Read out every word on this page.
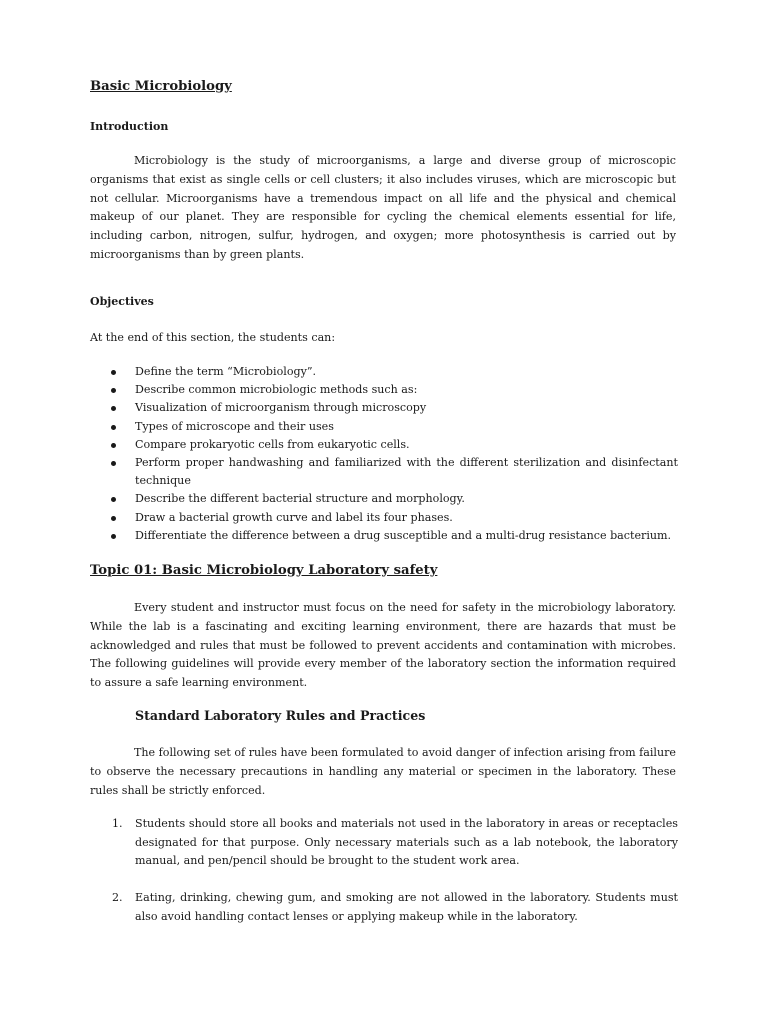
Basic Microbiology
Introduction

Microbiology is the study of microorganisms, a large and diverse group of microscopic organisms that exist as single cells or cell clusters; it also includes viruses, which are microscopic but not cellular. Microorganisms have a tremendous impact on all life and the physical and chemical makeup of our planet. They are responsible for cycling the chemical elements essential for life, including carbon, nitrogen, sulfur, hydrogen, and oxygen; more photosynthesis is carried out by microorganisms than by green plants.

Objectives

At the end of this section, the students can:

Define the term “Microbiology”.
Describe common microbiologic methods such as:
Visualization of microorganism through microscopy
Types of microscope and their uses
Compare prokaryotic cells from eukaryotic cells.
Perform proper handwashing and familiarized with the different sterilization and disinfectant technique
Describe the different bacterial structure and morphology.
Draw a bacterial growth curve and label its four phases.
Differentiate the difference between a drug susceptible and a multi-drug resistance bacterium.
Topic 01: Basic Microbiology Laboratory safety

Every student and instructor must focus on the need for safety in the microbiology laboratory. While the lab is a fascinating and exciting learning environment, there are hazards that must be acknowledged and rules that must be followed to prevent accidents and contamination with microbes. The following guidelines will provide every member of the laboratory section the information required to assure a safe learning environment.

Standard Laboratory Rules and Practices

The following set of rules have been formulated to avoid danger of infection arising from failure to observe the necessary precautions in handling any material or specimen in the laboratory. These rules shall be strictly enforced.

1. Students should store all books and materials not used in the laboratory in areas or receptacles designated for that purpose. Only necessary materials such as a lab notebook, the laboratory manual, and pen/pencil should be brought to the student work area.
2. Eating, drinking, chewing gum, and smoking are not allowed in the laboratory. Students must also avoid handling contact lenses or applying makeup while in the laboratory.
